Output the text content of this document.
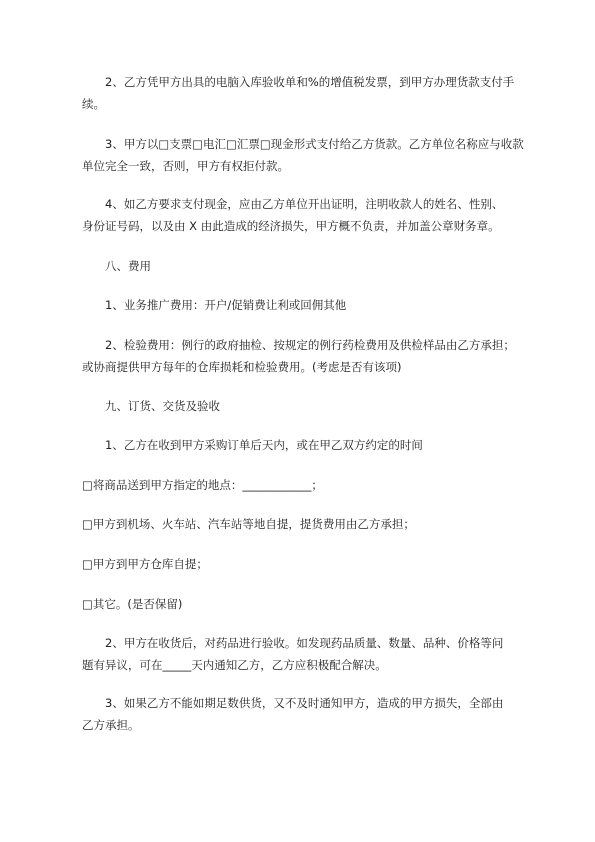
2、乙方凭甲方出具的电脑入库验收单和%的增值税发票，到甲方办理货款支付手
续。

3、甲方以□支票□电汇□汇票□现金形式支付给乙方货款。乙方单位名称应与收款
单位完全一致，否则，甲方有权拒付款。

4、如乙方要求支付现金，应由乙方单位开出证明，注明收款人的姓名、性别、
身份证号码，以及由 X 由此造成的经济损失，甲方概不负责，并加盖公章财务章。

八、费用

1、业务推广费用：开户/促销费让利或回佣其他

2、检验费用：例行的政府抽检、按规定的例行药检费用及供检样品由乙方承担；
或协商提供甲方每年的仓库损耗和检验费用。(考虑是否有该项)

九、订货、交货及验收

1、乙方在收到甲方采购订单后天内，或在甲乙双方约定的时间

□将商品送到甲方指定的地点：____________；

□甲方到机场、火车站、汽车站等地自提，提货费用由乙方承担；

□甲方到甲方仓库自提；

□其它。(是否保留)

2、甲方在收货后，对药品进行验收。如发现药品质量、数量、品种、价格等问
题有异议，可在_____天内通知乙方，乙方应积极配合解决。

3、如果乙方不能如期足数供货，又不及时通知甲方，造成的甲方损失，全部由
乙方承担。
